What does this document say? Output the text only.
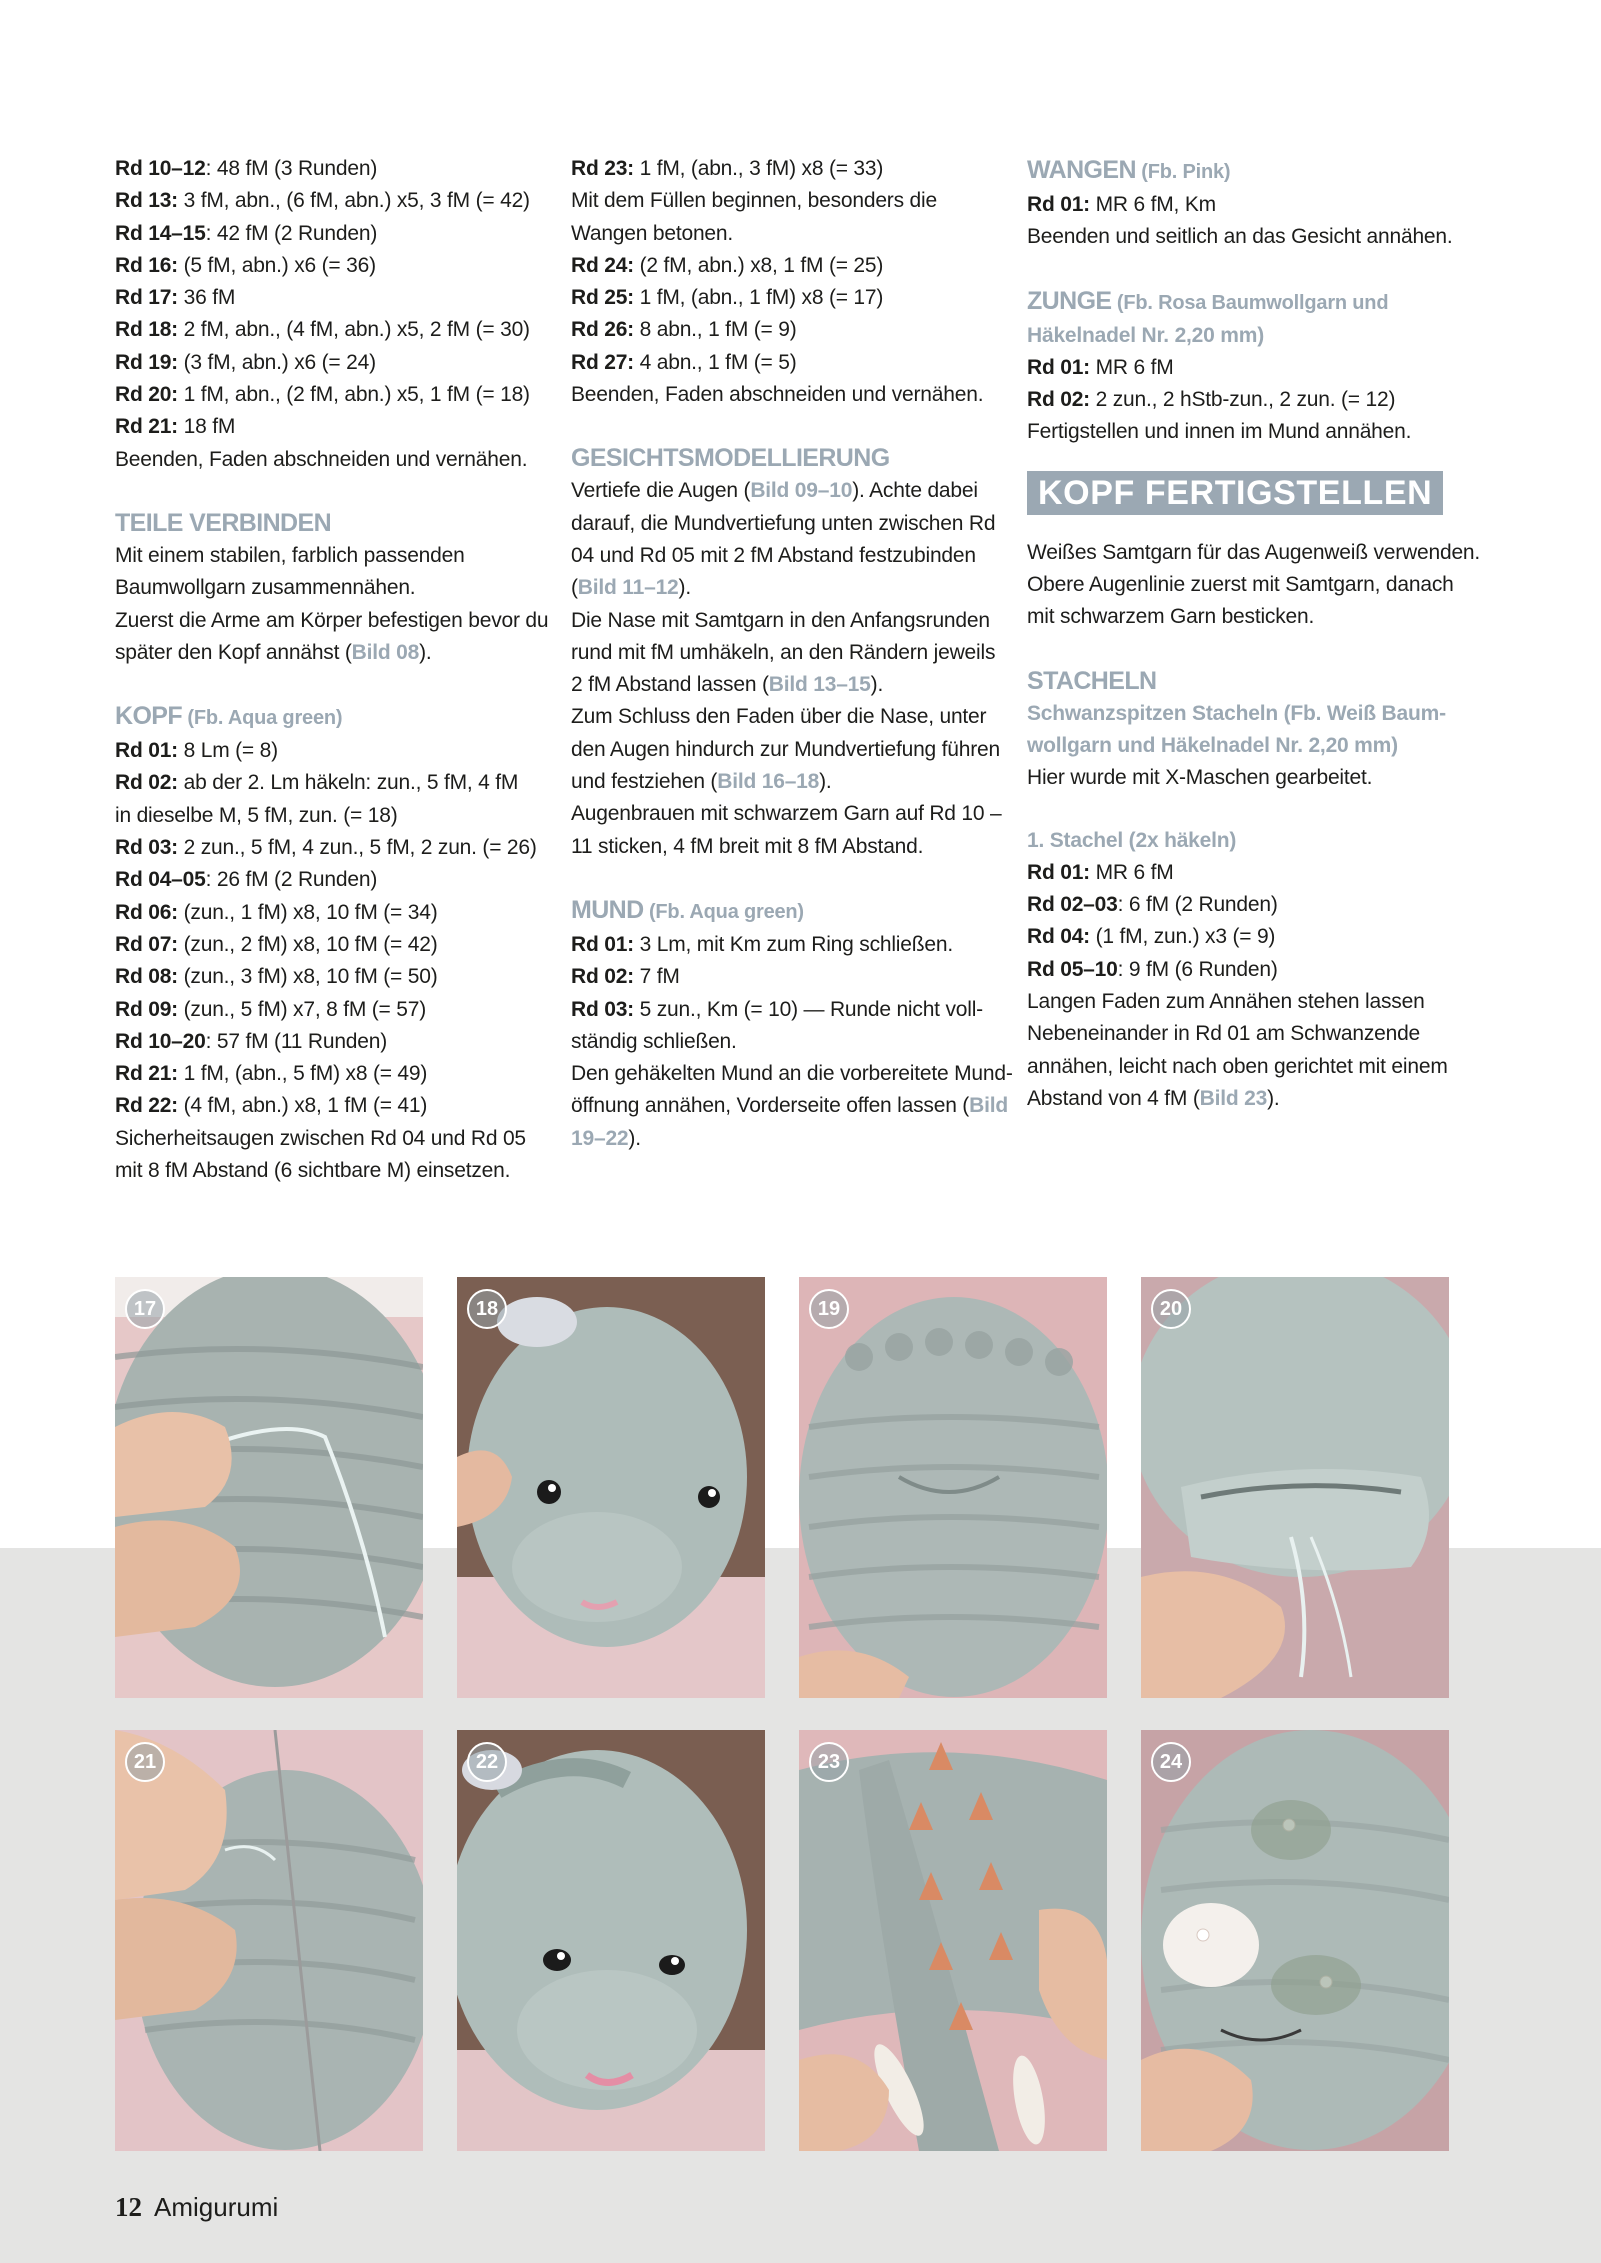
Rd 10–12: 48 fM (3 Runden)

Rd 13: 3 fM, abn., (6 fM, abn.) x5, 3 fM (= 42)

Rd 14–15: 42 fM (2 Runden)

Rd 16: (5 fM, abn.) x6 (= 36)

Rd 17: 36 fM

Rd 18: 2 fM, abn., (4 fM, abn.) x5, 2 fM (= 30)

Rd 19: (3 fM, abn.) x6 (= 24)

Rd 20: 1 fM, abn., (2 fM, abn.) x5, 1 fM (= 18)

Rd 21: 18 fM

Beenden, Faden abschneiden und vernähen.

TEILE VERBINDEN

Mit einem stabilen, farblich passenden

Baumwollgarn zusammennähen.

Zuerst die Arme am Körper befestigen bevor du

später den Kopf annähst (Bild 08).

KOPF (Fb. Aqua green)

Rd 01: 8 Lm (= 8)

Rd 02: ab der 2. Lm häkeln: zun., 5 fM, 4 fM

in dieselbe M, 5 fM, zun. (= 18)

Rd 03: 2 zun., 5 fM, 4 zun., 5 fM, 2 zun. (= 26)

Rd 04–05: 26 fM (2 Runden)

Rd 06: (zun., 1 fM) x8, 10 fM (= 34)

Rd 07: (zun., 2 fM) x8, 10 fM (= 42)

Rd 08: (zun., 3 fM) x8, 10 fM (= 50)

Rd 09: (zun., 5 fM) x7, 8 fM (= 57)

Rd 10–20: 57 fM (11 Runden)

Rd 21: 1 fM, (abn., 5 fM) x8 (= 49)

Rd 22: (4 fM, abn.) x8, 1 fM (= 41)

Sicherheitsaugen zwischen Rd 04 und Rd 05

mit 8 fM Abstand (6 sichtbare M) einsetzen.

Rd 23: 1 fM, (abn., 3 fM) x8 (= 33)

Mit dem Füllen beginnen, besonders die

Wangen betonen.

Rd 24: (2 fM, abn.) x8, 1 fM (= 25)

Rd 25: 1 fM, (abn., 1 fM) x8 (= 17)

Rd 26: 8 abn., 1 fM (= 9)

Rd 27: 4 abn., 1 fM (= 5)

Beenden, Faden abschneiden und vernähen.

GESICHTSMODELLIERUNG

Vertiefe die Augen (Bild 09–10). Achte dabei

darauf, die Mundvertiefung unten zwischen Rd

04 und Rd 05 mit 2 fM Abstand festzubinden

(Bild 11–12).

Die Nase mit Samtgarn in den Anfangsrunden

rund mit fM umhäkeln, an den Rändern jeweils

2 fM Abstand lassen (Bild 13–15).

Zum Schluss den Faden über die Nase, unter

den Augen hindurch zur Mundvertiefung führen

und festziehen (Bild 16–18).

Augenbrauen mit schwarzem Garn auf Rd 10 –

11 sticken, 4 fM breit mit 8 fM Abstand.

MUND (Fb. Aqua green)

Rd 01: 3 Lm, mit Km zum Ring schließen.

Rd 02: 7 fM

Rd 03: 5 zun., Km (= 10) — Runde nicht voll-

ständig schließen.

Den gehäkelten Mund an die vorbereitete Mund-

öffnung annähen, Vorderseite offen lassen (Bild

19–22).

WANGEN (Fb. Pink)

Rd 01: MR 6 fM, Km

Beenden und seitlich an das Gesicht annähen.

ZUNGE (Fb. Rosa Baumwollgarn und

Häkelnadel Nr. 2,20 mm)

Rd 01: MR 6 fM

Rd 02: 2 zun., 2 hStb-zun., 2 zun. (= 12)

Fertigstellen und innen im Mund annähen.

KOPF FERTIGSTELLEN

Weißes Samtgarn für das Augenweiß verwenden.

Obere Augenlinie zuerst mit Samtgarn, danach

mit schwarzem Garn besticken.

STACHELN

Schwanzspitzen Stacheln (Fb. Weiß Baum-

wollgarn und Häkelnadel Nr. 2,20 mm)

Hier wurde mit X-Maschen gearbeitet.

1. Stachel (2x häkeln)

Rd 01: MR 6 fM

Rd 02–03: 6 fM (2 Runden)

Rd 04: (1 fM, zun.) x3 (= 9)

Rd 05–10: 9 fM (6 Runden)

Langen Faden zum Annähen stehen lassen

Nebeneinander in Rd 01 am Schwanzende

annähen, leicht nach oben gerichtet mit einem

Abstand von 4 fM (Bild 23).

17	18	19	20
21	22	23	24
12 Amigurumi
